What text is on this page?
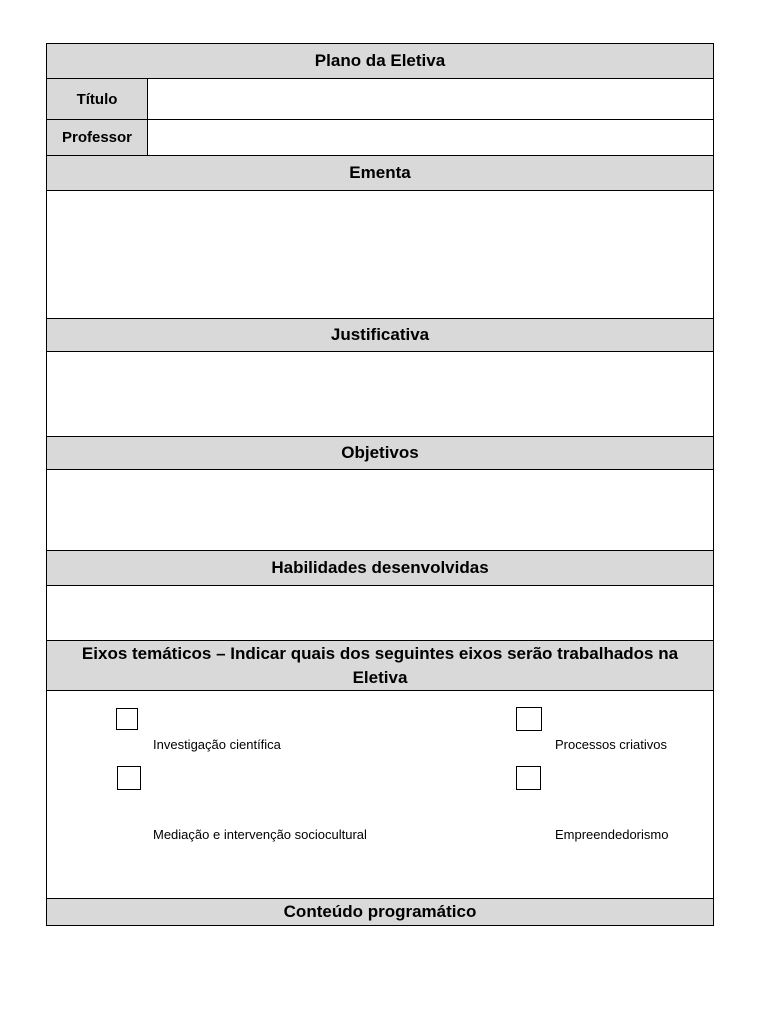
Plano da Eletiva
Título
Professor
Ementa
Justificativa
Objetivos
Habilidades desenvolvidas
Eixos temáticos – Indicar quais dos seguintes eixos serão trabalhados na Eletiva
Investigação científica	Processos criativos
Mediação e intervenção sociocultural	Empreendedorismo
Conteúdo programático
